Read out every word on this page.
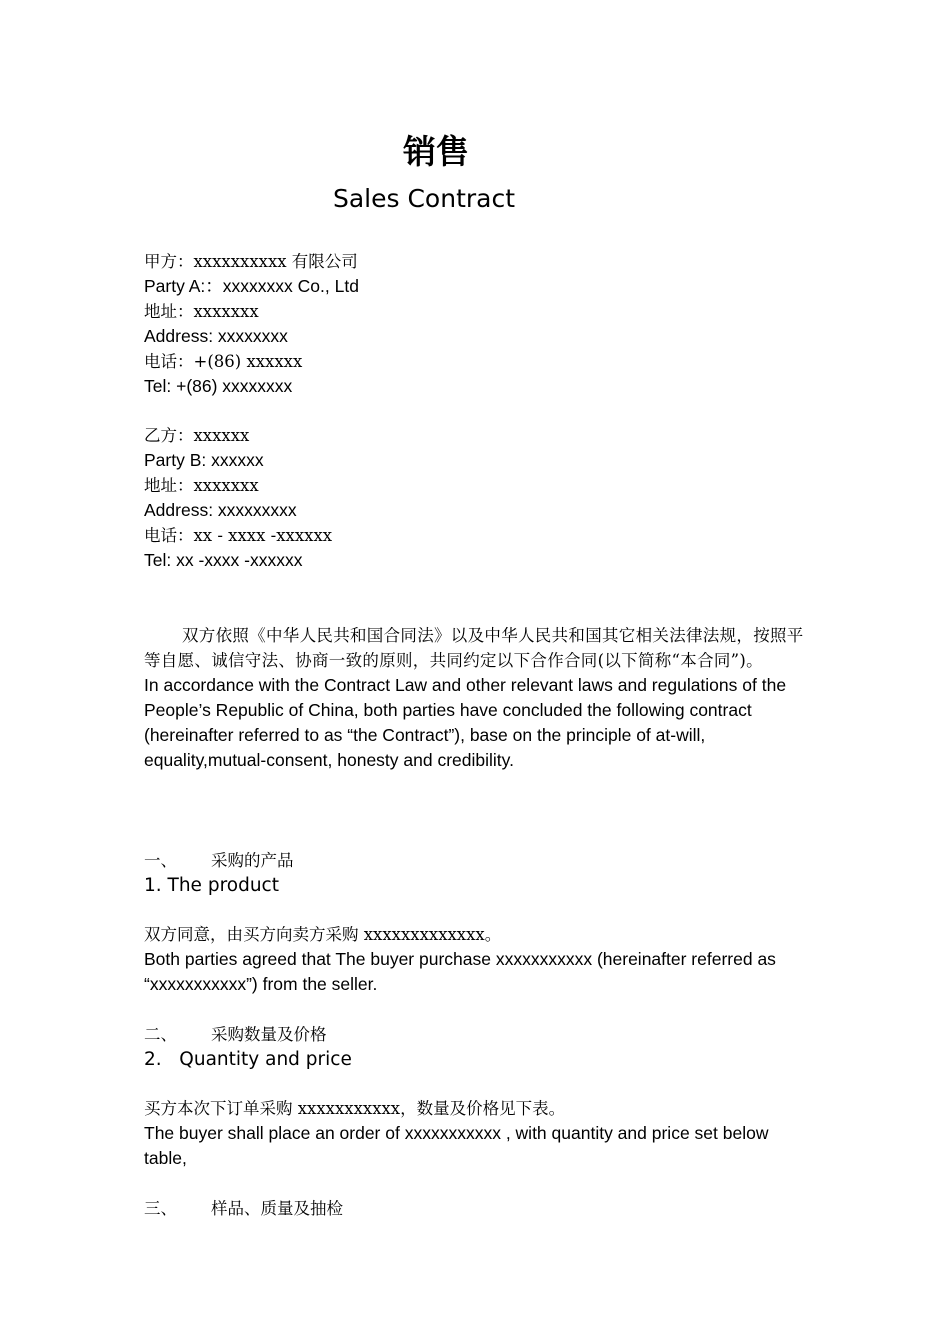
销售
Sales Contract
甲方：xxxxxxxxxx 有限公司
Party A:：xxxxxxxx Co., Ltd
地址：xxxxxxx
Address: xxxxxxxx
电话：+(86) xxxxxx
Tel: +(86) xxxxxxxx
乙方：xxxxxx
Party B: xxxxxx
地址：xxxxxxx
Address: xxxxxxxxx
电话：xx - xxxx -xxxxxx
Tel: xx -xxxx -xxxxxx
双方依照《中华人民共和国合同法》以及中华人民共和国其它相关法律法规，按照平等自愿、诚信守法、协商一致的原则，共同约定以下合作合同(以下简称“本合同”)。
In accordance with the Contract Law and other relevant laws and regulations of the People’s Republic of China, both parties have concluded the following contract (hereinafter referred to as “the Contract”), base on the principle of at-will, equality,mutual-consent, honesty and credibility.
一、 采购的产品
1. The product
双方同意，由买方向卖方采购 xxxxxxxxxxxxx。
Both parties agreed that The buyer purchase xxxxxxxxxxx (hereinafter referred as “xxxxxxxxxxx”) from the seller.
二、 采购数量及价格
2.   Quantity and price
买方本次下订单采购 xxxxxxxxxxx，数量及价格见下表。
The buyer shall place an order of xxxxxxxxxxx , with quantity and price set below table,
三、 样品、质量及抽检
